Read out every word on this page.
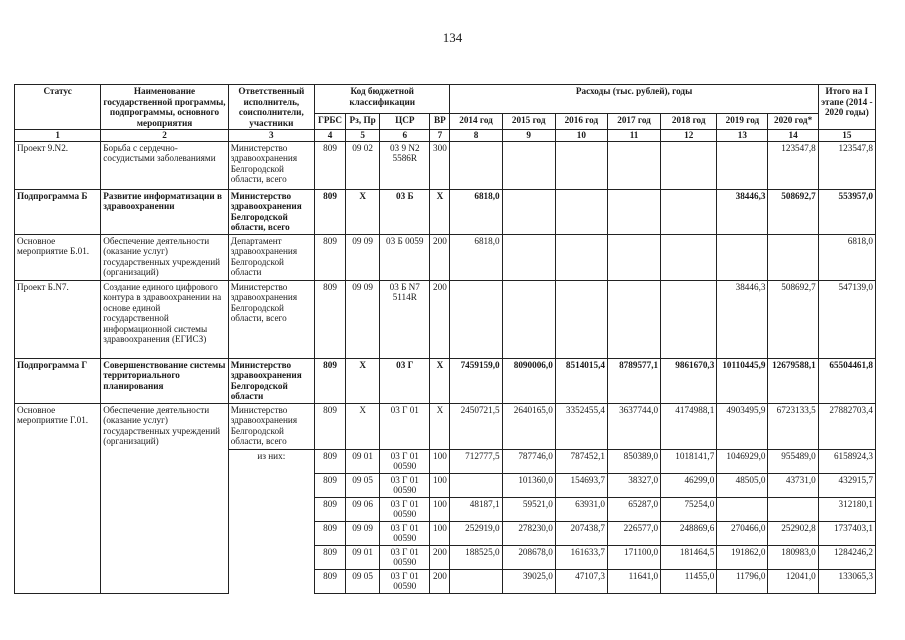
134
Статус	Наименование государственной программы, подпрограммы, основного мероприятия	Ответственный исполнитель, соисполнители, участники	Код бюджетной классификации				Расходы (тыс. рублей), годы							Итого на I этапе (2014 - 2020 годы)
			ГРБС	Рз, Пр	ЦСР	ВР	2014 год	2015 год	2016 год	2017 год	2018 год	2019 год	2020 год*	
1	2	3	4	5	6	7	8	9	10	11	12	13	14	15
Проект 9.N2.	Борьба с сердечно-сосудистыми заболеваниями	Министерство здравоохранения Белгородской области, всего	809	09 02	03 9 N2 5586R	300							123547,8	123547,8
Подпрограмма Б	Развитие информатизации в здравоохранении	Министерство здравоохранения Белгородской области, всего	809	Х	03 Б	Х	6818,0					38446,3	508692,7	553957,0
Основное мероприятие Б.01.	Обеспечение деятельности (оказание услуг) государственных учреждений (организаций)	Департамент здравоохранения Белгородской области	809	09 09	03 Б 0059	200	6818,0							6818,0
Проект Б.N7.	Создание единого цифрового контура в здравоохранении на основе единой государственной информационной системы здравоохранения (ЕГИСЗ)	Министерство здравоохранения Белгородской области, всего	809	09 09	03 Б N7 5114R	200						38446,3	508692,7	547139,0
Подпрограмма Г	Совершенствование системы территориального планирования	Министерство здравоохранения Белгородской области	809	Х	03 Г	Х	7459159,0	8090006,0	8514015,4	8789577,1	9861670,3	10110445,9	12679588,1	65504461,8
Основное мероприятие Г.01.	Обеспечение деятельности (оказание услуг) государственных учреждений (организаций)	Министерство здравоохранения Белгородской области, всего	809	Х	03 Г 01	Х	2450721,5	2640165,0	3352455,4	3637744,0	4174988,1	4903495,9	6723133,5	27882703,4
		из них:	809	09 01	03 Г 01 00590	100	712777,5	787746,0	787452,1	850389,0	1018141,7	1046929,0	955489,0	6158924,3
			809	09 05	03 Г 01 00590	100		101360,0	154693,7	38327,0	46299,0	48505,0	43731,0	432915,7
			809	09 06	03 Г 01 00590	100	48187,1	59521,0	63931,0	65287,0	75254,0			312180,1
			809	09 09	03 Г 01 00590	100	252919,0	278230,0	207438,7	226577,0	248869,6	270466,0	252902,8	1737403,1
			809	09 01	03 Г 01 00590	200	188525,0	208678,0	161633,7	171100,0	181464,5	191862,0	180983,0	1284246,2
			809	09 05	03 Г 01 00590	200		39025,0	47107,3	11641,0	11455,0	11796,0	12041,0	133065,3
